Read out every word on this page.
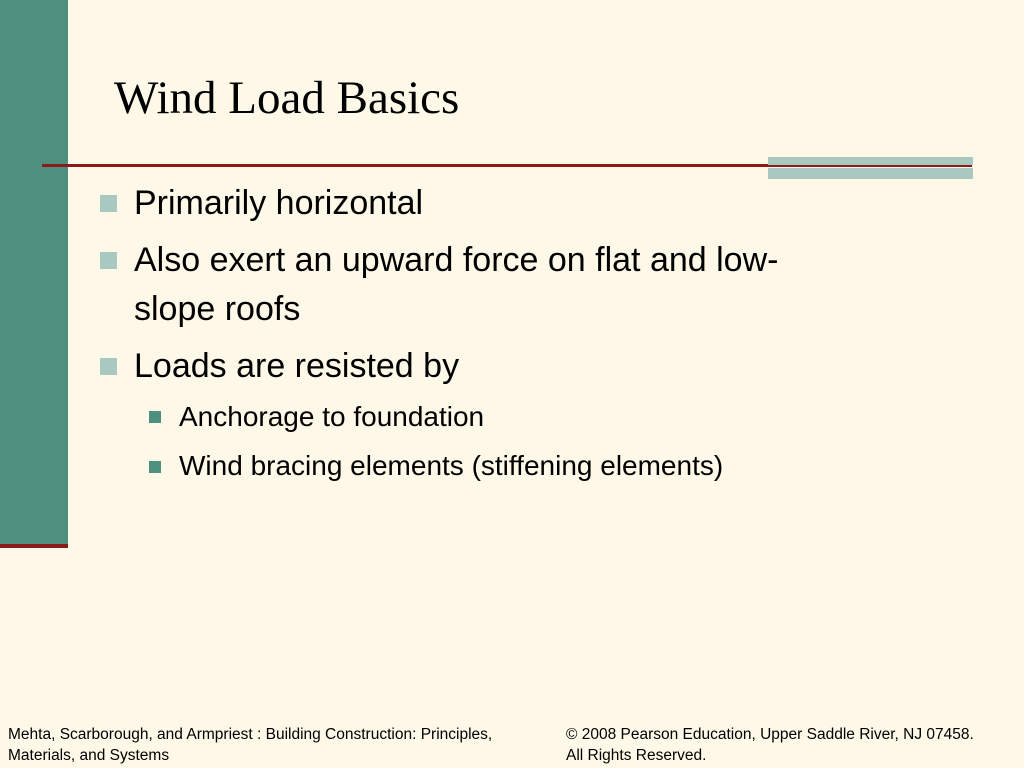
Wind Load Basics
Primarily horizontal
Also exert an upward force on flat and low-
slope roofs
Loads are resisted by
Anchorage to foundation
Wind bracing elements (stiffening elements)
Mehta, Scarborough, and Armpriest : Building Construction: Principles,
Materials, and Systems
© 2008 Pearson Education, Upper Saddle River, NJ 07458.
All Rights Reserved.
